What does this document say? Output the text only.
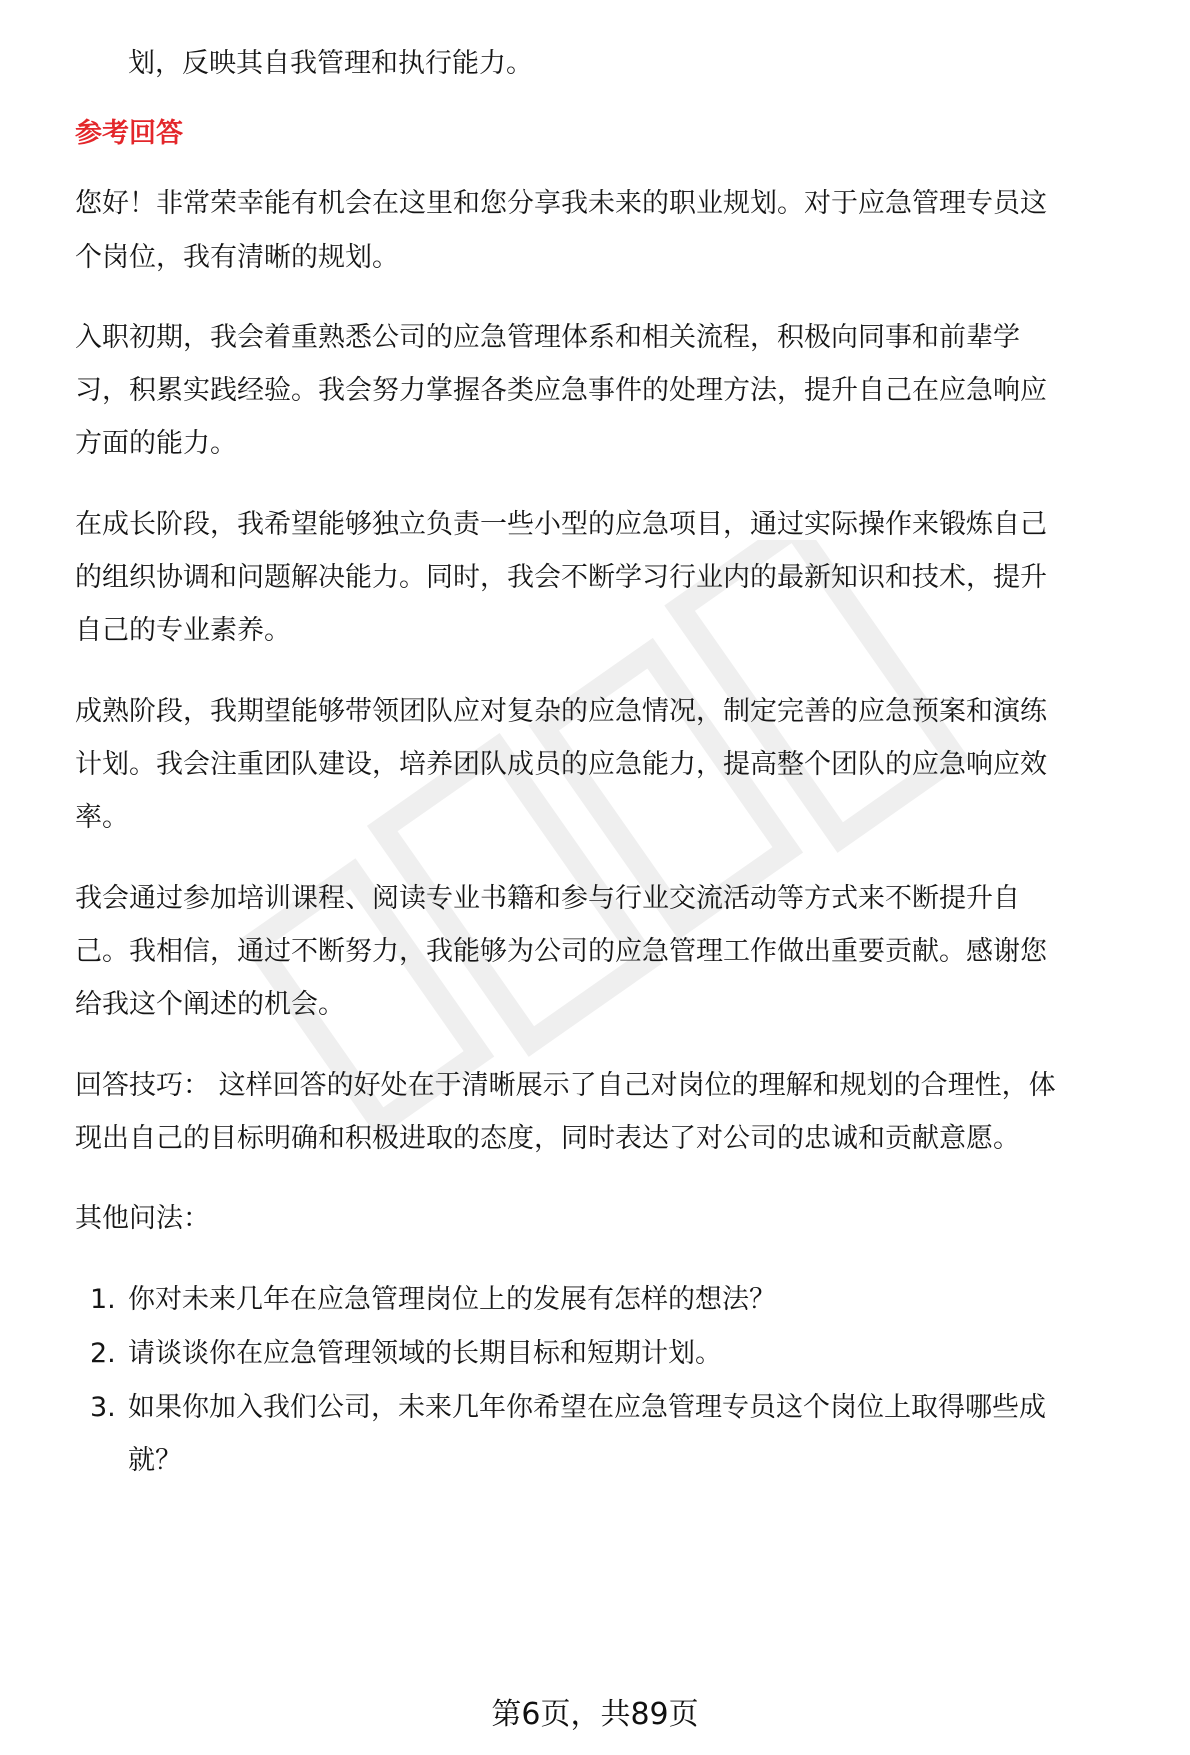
划，反映其自我管理和执行能力。
参考回答
您好！非常荣幸能有机会在这里和您分享我未来的职业规划。对于应急管理专员这
个岗位，我有清晰的规划。
入职初期，我会着重熟悉公司的应急管理体系和相关流程，积极向同事和前辈学
习，积累实践经验。我会努力掌握各类应急事件的处理方法，提升自己在应急响应
方面的能力。
在成长阶段，我希望能够独立负责一些小型的应急项目，通过实际操作来锻炼自己
的组织协调和问题解决能力。同时，我会不断学习行业内的最新知识和技术，提升
自己的专业素养。
成熟阶段，我期望能够带领团队应对复杂的应急情况，制定完善的应急预案和演练
计划。我会注重团队建设，培养团队成员的应急能力，提高整个团队的应急响应效
率。
我会通过参加培训课程、阅读专业书籍和参与行业交流活动等方式来不断提升自
己。我相信，通过不断努力，我能够为公司的应急管理工作做出重要贡献。感谢您
给我这个阐述的机会。
回答技巧： 这样回答的好处在于清晰展示了自己对岗位的理解和规划的合理性，体
现出自己的目标明确和积极进取的态度，同时表达了对公司的忠诚和贡献意愿。
其他问法：
1. 你对未来几年在应急管理岗位上的发展有怎样的想法？
2. 请谈谈你在应急管理领域的长期目标和短期计划。
3. 如果你加入我们公司，未来几年你希望在应急管理专员这个岗位上取得哪些成
就？
第6页，共89页
